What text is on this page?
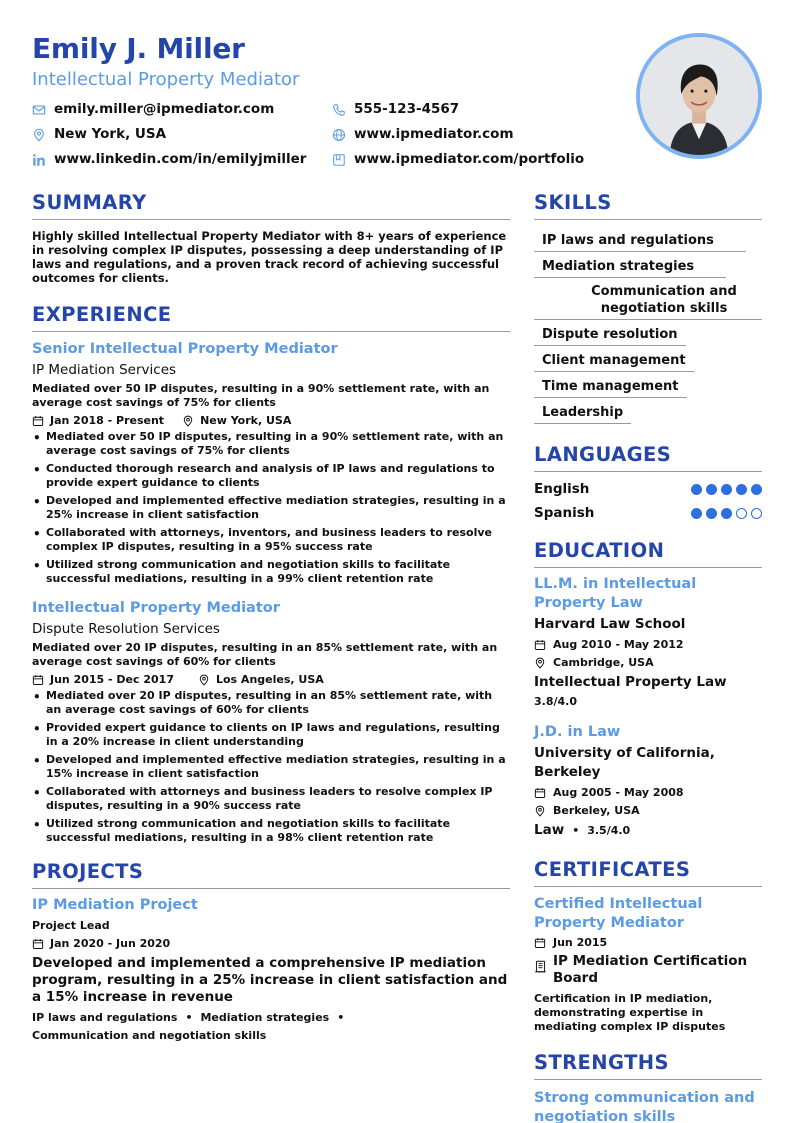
Emily J. Miller
Intellectual Property Mediator
emily.miller@ipmediator.com	555-123-4567
New York, USA	www.ipmediator.com
www.linkedin.com/in/emilyjmiller	www.ipmediator.com/portfolio
SUMMARY
Highly skilled Intellectual Property Mediator with 8+ years of experience in resolving complex IP disputes, possessing a deep understanding of IP laws and regulations, and a proven track record of achieving successful outcomes for clients.
EXPERIENCE
Senior Intellectual Property Mediator
IP Mediation Services
Mediated over 50 IP disputes, resulting in a 90% settlement rate, with an average cost savings of 75% for clients
Jan 2018 - Present	New York, USA
• Mediated over 50 IP disputes, resulting in a 90% settlement rate, with an average cost savings of 75% for clients
• Conducted thorough research and analysis of IP laws and regulations to provide expert guidance to clients
• Developed and implemented effective mediation strategies, resulting in a 25% increase in client satisfaction
• Collaborated with attorneys, inventors, and business leaders to resolve complex IP disputes, resulting in a 95% success rate
• Utilized strong communication and negotiation skills to facilitate successful mediations, resulting in a 99% client retention rate
Intellectual Property Mediator
Dispute Resolution Services
Mediated over 20 IP disputes, resulting in an 85% settlement rate, with an average cost savings of 60% for clients
Jun 2015 - Dec 2017	Los Angeles, USA
• Mediated over 20 IP disputes, resulting in an 85% settlement rate, with an average cost savings of 60% for clients
• Provided expert guidance to clients on IP laws and regulations, resulting in a 20% increase in client understanding
• Developed and implemented effective mediation strategies, resulting in a 15% increase in client satisfaction
• Collaborated with attorneys and business leaders to resolve complex IP disputes, resulting in a 90% success rate
• Utilized strong communication and negotiation skills to facilitate successful mediations, resulting in a 98% client retention rate
PROJECTS
IP Mediation Project
Project Lead
Jan 2020 - Jun 2020
Developed and implemented a comprehensive IP mediation program, resulting in a 25% increase in client satisfaction and a 15% increase in revenue
IP laws and regulations • Mediation strategies •
Communication and negotiation skills
SKILLS
IP laws and regulations
Mediation strategies
Communication and negotiation skills
Dispute resolution
Client management
Time management
Leadership
LANGUAGES
English
Spanish
EDUCATION
LL.M. in Intellectual Property Law
Harvard Law School
Aug 2010 - May 2012
Cambridge, USA
Intellectual Property Law
3.8/4.0
J.D. in Law
University of California, Berkeley
Aug 2005 - May 2008
Berkeley, USA
Law • 3.5/4.0
CERTIFICATES
Certified Intellectual Property Mediator
Jun 2015
IP Mediation Certification Board
Certification in IP mediation, demonstrating expertise in mediating complex IP disputes
STRENGTHS
Strong communication and negotiation skills
